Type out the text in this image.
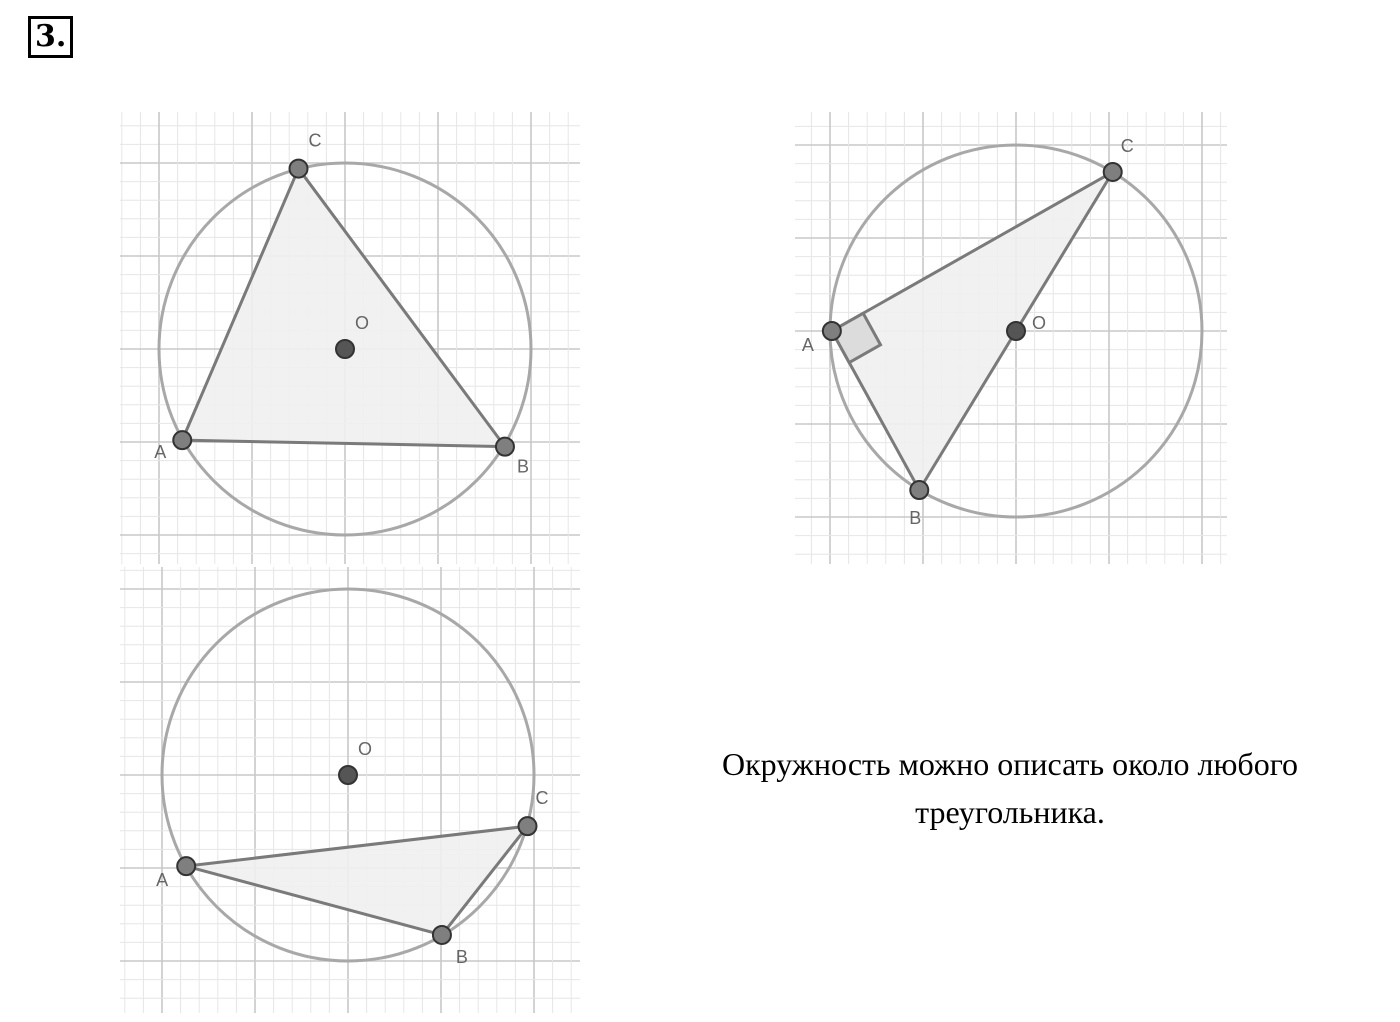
3.
A
B
C
O
A
B
C
O
A
B
C
O	Окружность можно описать около любого треугольника.
